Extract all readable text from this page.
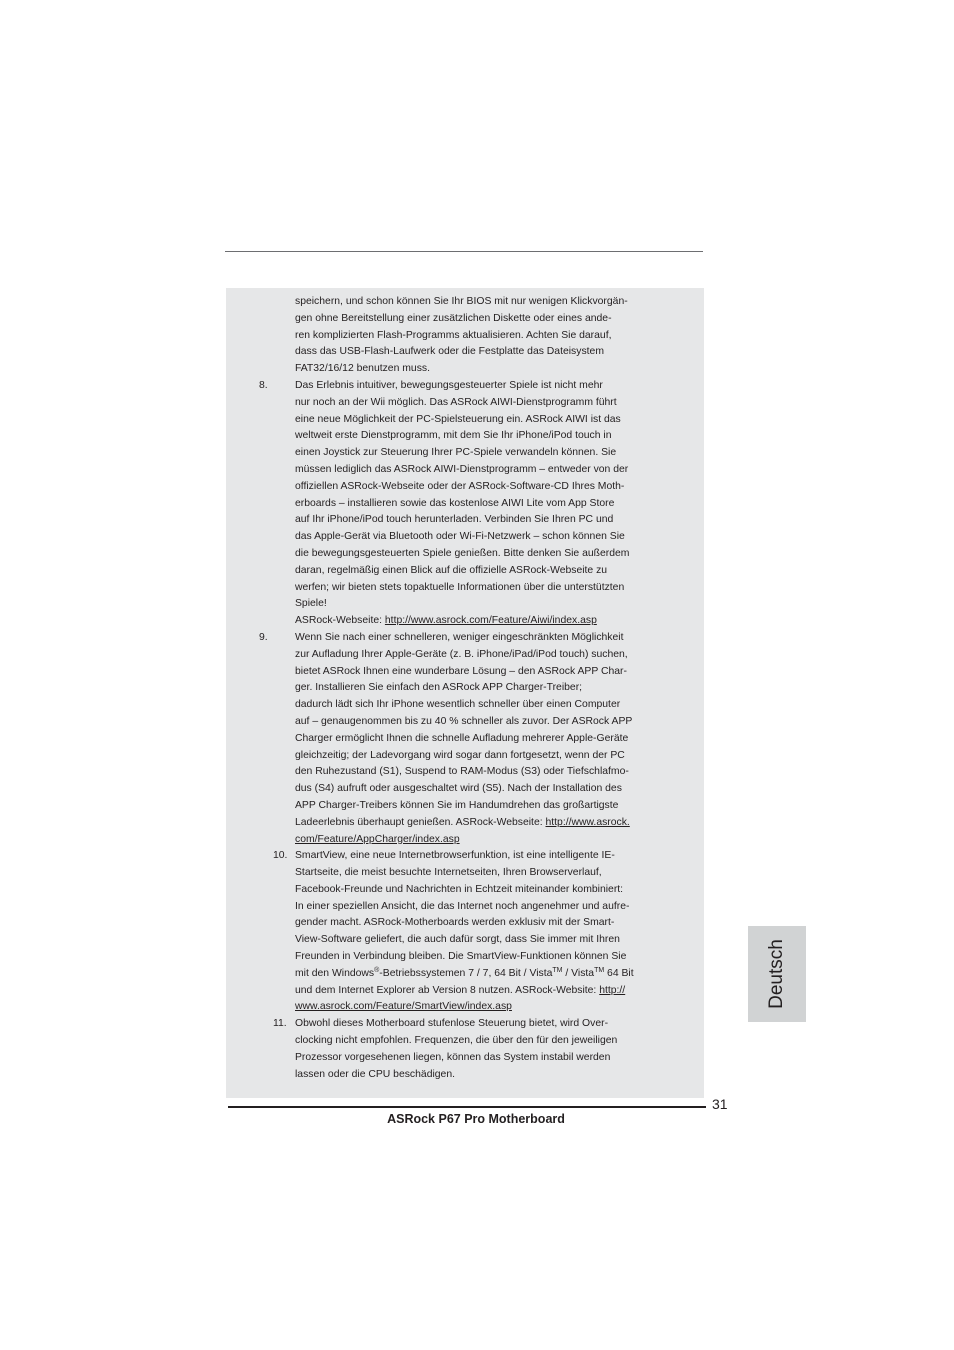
speichern, und schon können Sie Ihr BIOS mit nur wenigen Klickvorgän-
gen ohne Bereitstellung einer zusätzlichen Diskette oder eines ande-
ren komplizierten Flash-Programms aktualisieren. Achten Sie darauf,
dass das USB-Flash-Laufwerk oder die Festplatte das Dateisystem
FAT32/16/12 benutzen muss.
8.	Das Erlebnis intuitiver, bewegungsgesteuerter Spiele ist nicht mehr
nur noch an der Wii möglich. Das ASRock AIWI-Dienstprogramm führt
eine neue Möglichkeit der PC-Spielsteuerung ein. ASRock AIWI ist das
weltweit erste Dienstprogramm, mit dem Sie Ihr iPhone/iPod touch in
einen Joystick zur Steuerung Ihrer PC-Spiele verwandeln können. Sie
müssen lediglich das ASRock AIWI-Dienstprogramm – entweder von der
offiziellen ASRock-Webseite oder der ASRock-Software-CD Ihres Moth-
erboards – installieren sowie das kostenlose AIWI Lite vom App Store
auf Ihr iPhone/iPod touch herunterladen. Verbinden Sie Ihren PC und
das Apple-Gerät via Bluetooth oder Wi-Fi-Netzwerk – schon können Sie
die bewegungsgesteuerten Spiele genießen. Bitte denken Sie außerdem
daran, regelmäßig einen Blick auf die offizielle ASRock-Webseite zu
werfen; wir bieten stets topaktuelle Informationen über die unterstützten
Spiele!
ASRock-Webseite: http://www.asrock.com/Feature/Aiwi/index.asp
9.	Wenn Sie nach einer schnelleren, weniger eingeschränkten Möglichkeit
zur Aufladung Ihrer Apple-Geräte (z. B. iPhone/iPad/iPod touch) suchen,
bietet ASRock Ihnen eine wunderbare Lösung – den ASRock APP Char-
ger. Installieren Sie einfach den ASRock APP Charger-Treiber;
dadurch lädt sich Ihr iPhone wesentlich schneller über einen Computer
auf – genaugenommen bis zu 40 % schneller als zuvor. Der ASRock APP
Charger ermöglicht Ihnen die schnelle Aufladung mehrerer Apple-Geräte
gleichzeitig; der Ladevorgang wird sogar dann fortgesetzt, wenn der PC
den Ruhezustand (S1), Suspend to RAM-Modus (S3) oder Tiefschlafmo-
dus (S4) aufruft oder ausgeschaltet wird (S5). Nach der Installation des
APP Charger-Treibers können Sie im Handumdrehen das großartigste
Ladeerlebnis überhaupt genießen. ASRock-Webseite: http://www.asrock.
com/Feature/AppCharger/index.asp
10. SmartView, eine neue Internetbrowserfunktion, ist eine intelligente IE-
Startseite, die meist besuchte Internetseiten, Ihren Browserverlauf,
Facebook-Freunde und Nachrichten in Echtzeit miteinander kombiniert:
In einer speziellen Ansicht, die das Internet noch angenehmer und aufre-
gender macht. ASRock-Motherboards werden exklusiv mit der Smart-
View-Software geliefert, die auch dafür sorgt, dass Sie immer mit Ihren
Freunden in Verbindung bleiben. Die SmartView-Funktionen können Sie
mit den Windows®-Betriebssystemen 7 / 7, 64 Bit / Vista™ / Vista™ 64 Bit
und dem Internet Explorer ab Version 8 nutzen. ASRock-Website: http://
www.asrock.com/Feature/SmartView/index.asp
11. Obwohl dieses Motherboard stufenlose Steuerung bietet, wird Over-
clocking nicht empfohlen. Frequenzen, die über den für den jeweiligen
Prozessor vorgesehenen liegen, können das System instabil werden
lassen oder die CPU beschädigen.
Deutsch
31
ASRock P67 Pro Motherboard
